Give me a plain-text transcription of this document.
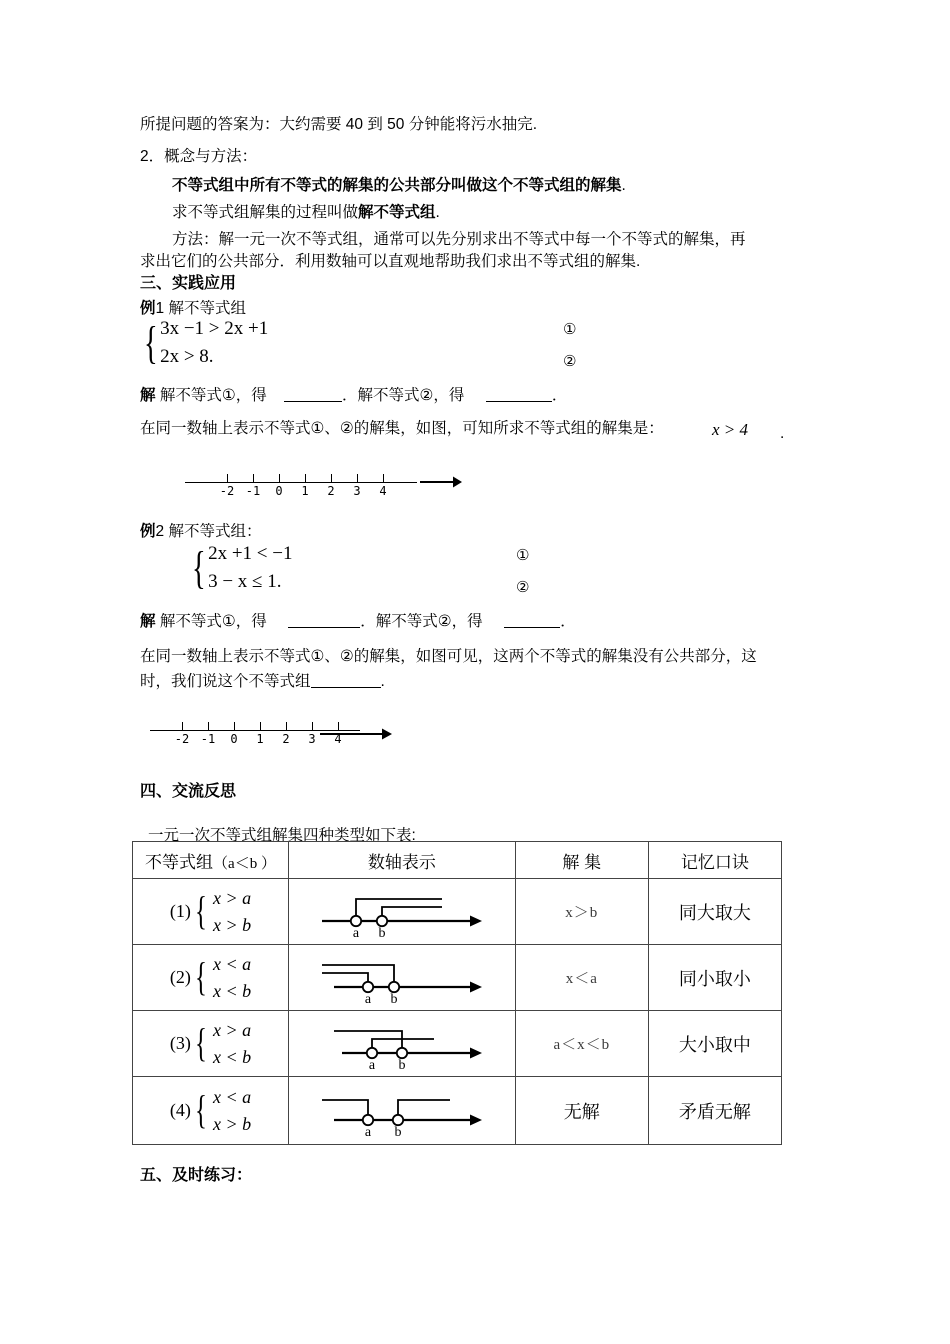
所提问题的答案为：大约需要 40 到 50 分钟能将污水抽完.
2．概念与方法：
不等式组中所有不等式的解集的公共部分叫做这个不等式组的解集.
求不等式组解集的过程叫做解不等式组.
方法：解一元一次不等式组，通常可以先分别求出不等式中每一个不等式的解集，再
求出它们的公共部分．利用数轴可以直观地帮助我们求出不等式组的解集.
三、实践应用
例1 解不等式组
{ 3x −1 > 2x +1
2x > 8.
①
②
解 解不等式①，得	．解不等式②，得	．
在同一数轴上表示不等式①、②的解集，如图，可知所求不等式组的解集是：	x > 4 .
-2 -1 0 1 2 3 4
例2 解不等式组：
{ 2x +1 < −1
3 − x ≤ 1.
①
②
解 解不等式①，得	．解不等式②，得	．
在同一数轴上表示不等式①、②的解集，如图可见，这两个不等式的解集没有公共部分，这
时，我们说这个不等式组	.
-2 -1 0 1 2 3 4
四、交流反思
一元一次不等式组解集四种类型如下表:
不等式组（a＜b ）	数轴表示	解 集	记忆口诀

(1) { x > a
x > b	a b
	x＞b	同大取大

(2) { x < a
x < b	a b
	x＜a	同小取小

(3) { x > a
x < b	a b
	a＜x＜b	大小取中

(4) { x < a
x > b	a b
	无解	矛盾无解
五、及时练习：
